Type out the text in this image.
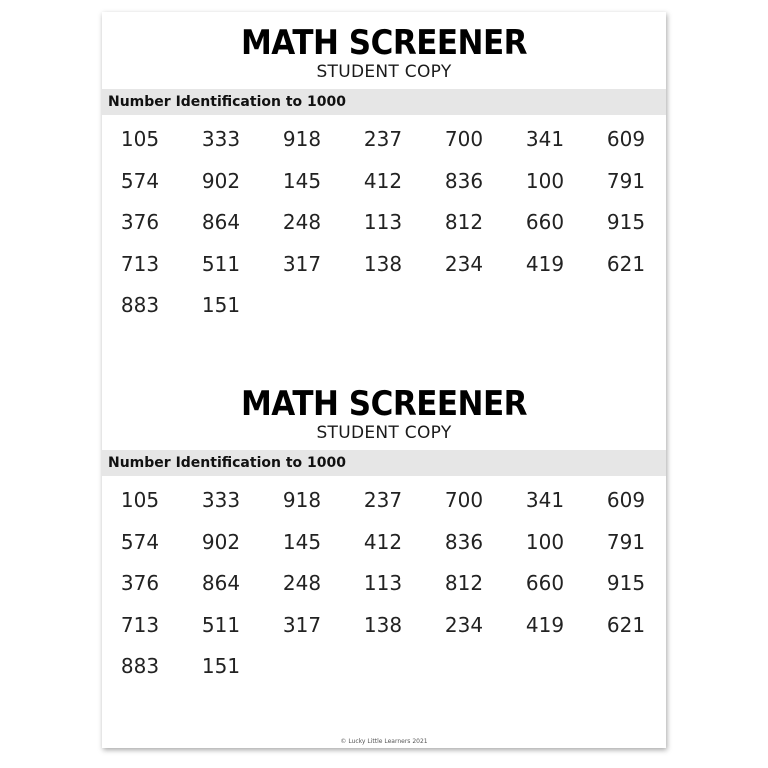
MATH SCREENER
STUDENT COPY
Number Identification to 1000
105	333	918	237	700	341	609
574	902	145	412	836	100	791
376	864	248	113	812	660	915
713	511	317	138	234	419	621
883	151
MATH SCREENER
STUDENT COPY
Number Identification to 1000
105	333	918	237	700	341	609
574	902	145	412	836	100	791
376	864	248	113	812	660	915
713	511	317	138	234	419	621
883	151
© Lucky Little Learners 2021
